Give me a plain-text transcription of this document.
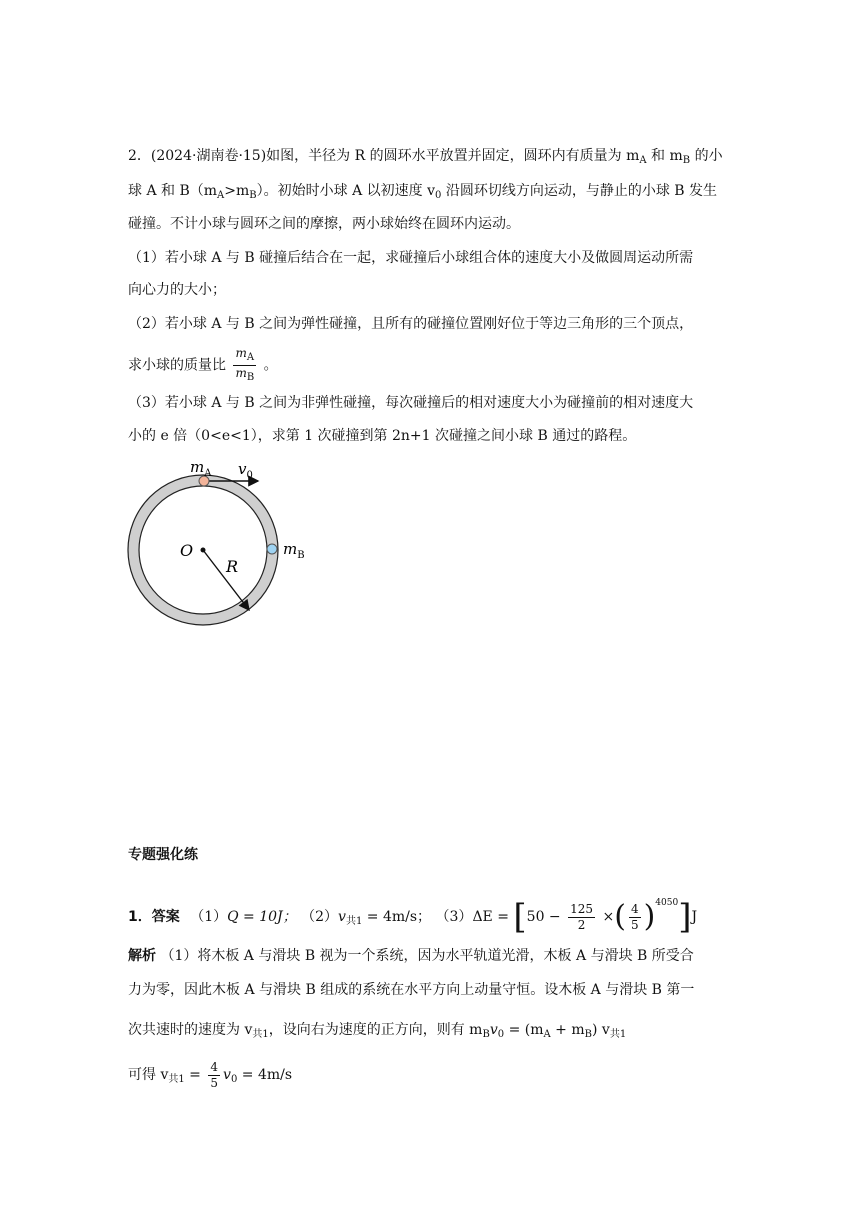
2．(2024·湖南卷·15)如图，半径为 R 的圆环水平放置并固定，圆环内有质量为 $m_A$ 和 $m_B$ 的小
球 A 和 $B(m_A>m_B)$。初始时小球 A 以初速度 $v_0$ 沿圆环切线方向运动，与静止的小球 B 发生
碰撞。不计小球与圆环之间的摩擦，两小球始终在圆环内运动。
（1）若小球 A 与 B 碰撞后结合在一起，求碰撞后小球组合体的速度大小及做圆周运动所需
向心力的大小；
（2）若小球 A 与 B 之间为弹性碰撞，且所有的碰撞位置刚好位于等边三角形的三个顶点，
求小球的质量比 $\frac{m_A}{m_B}$ 。
（3）若小球 A 与 B 之间为非弹性碰撞，每次碰撞后的相对速度大小为碰撞前的相对速度大
小的 e 倍（0<e<1），求第 1 次碰撞到第 2n+1 次碰撞之间小球 B 通过的路程。
$m_A$ $v_0$
O
R
$m_B$
专题强化练
1．答案 （1）Q = 10J； $(2)v_{共1} = 4m/s$； $(3)\Delta E = [50 - \frac{125}{2}$ ×( $\frac{4}{5} )^{4050}]J$
解析 （1）将木板 A 与滑块 B 视为一个系统，因为水平轨道光滑，木板 A 与滑块 B 所受合
力为零，因此木板 A 与滑块 B 组成的系统在水平方向上动量守恒。设木板 A 与滑块 B 第一
次共速时的速度为 $v_{共1}$，设向右为速度的正方向，则有 $m_Bv_0 = (m_A + m_B)$ $v_{共1}$
可得 $v_{共1} = \frac{4}{5} v_0 = 4m/s$
